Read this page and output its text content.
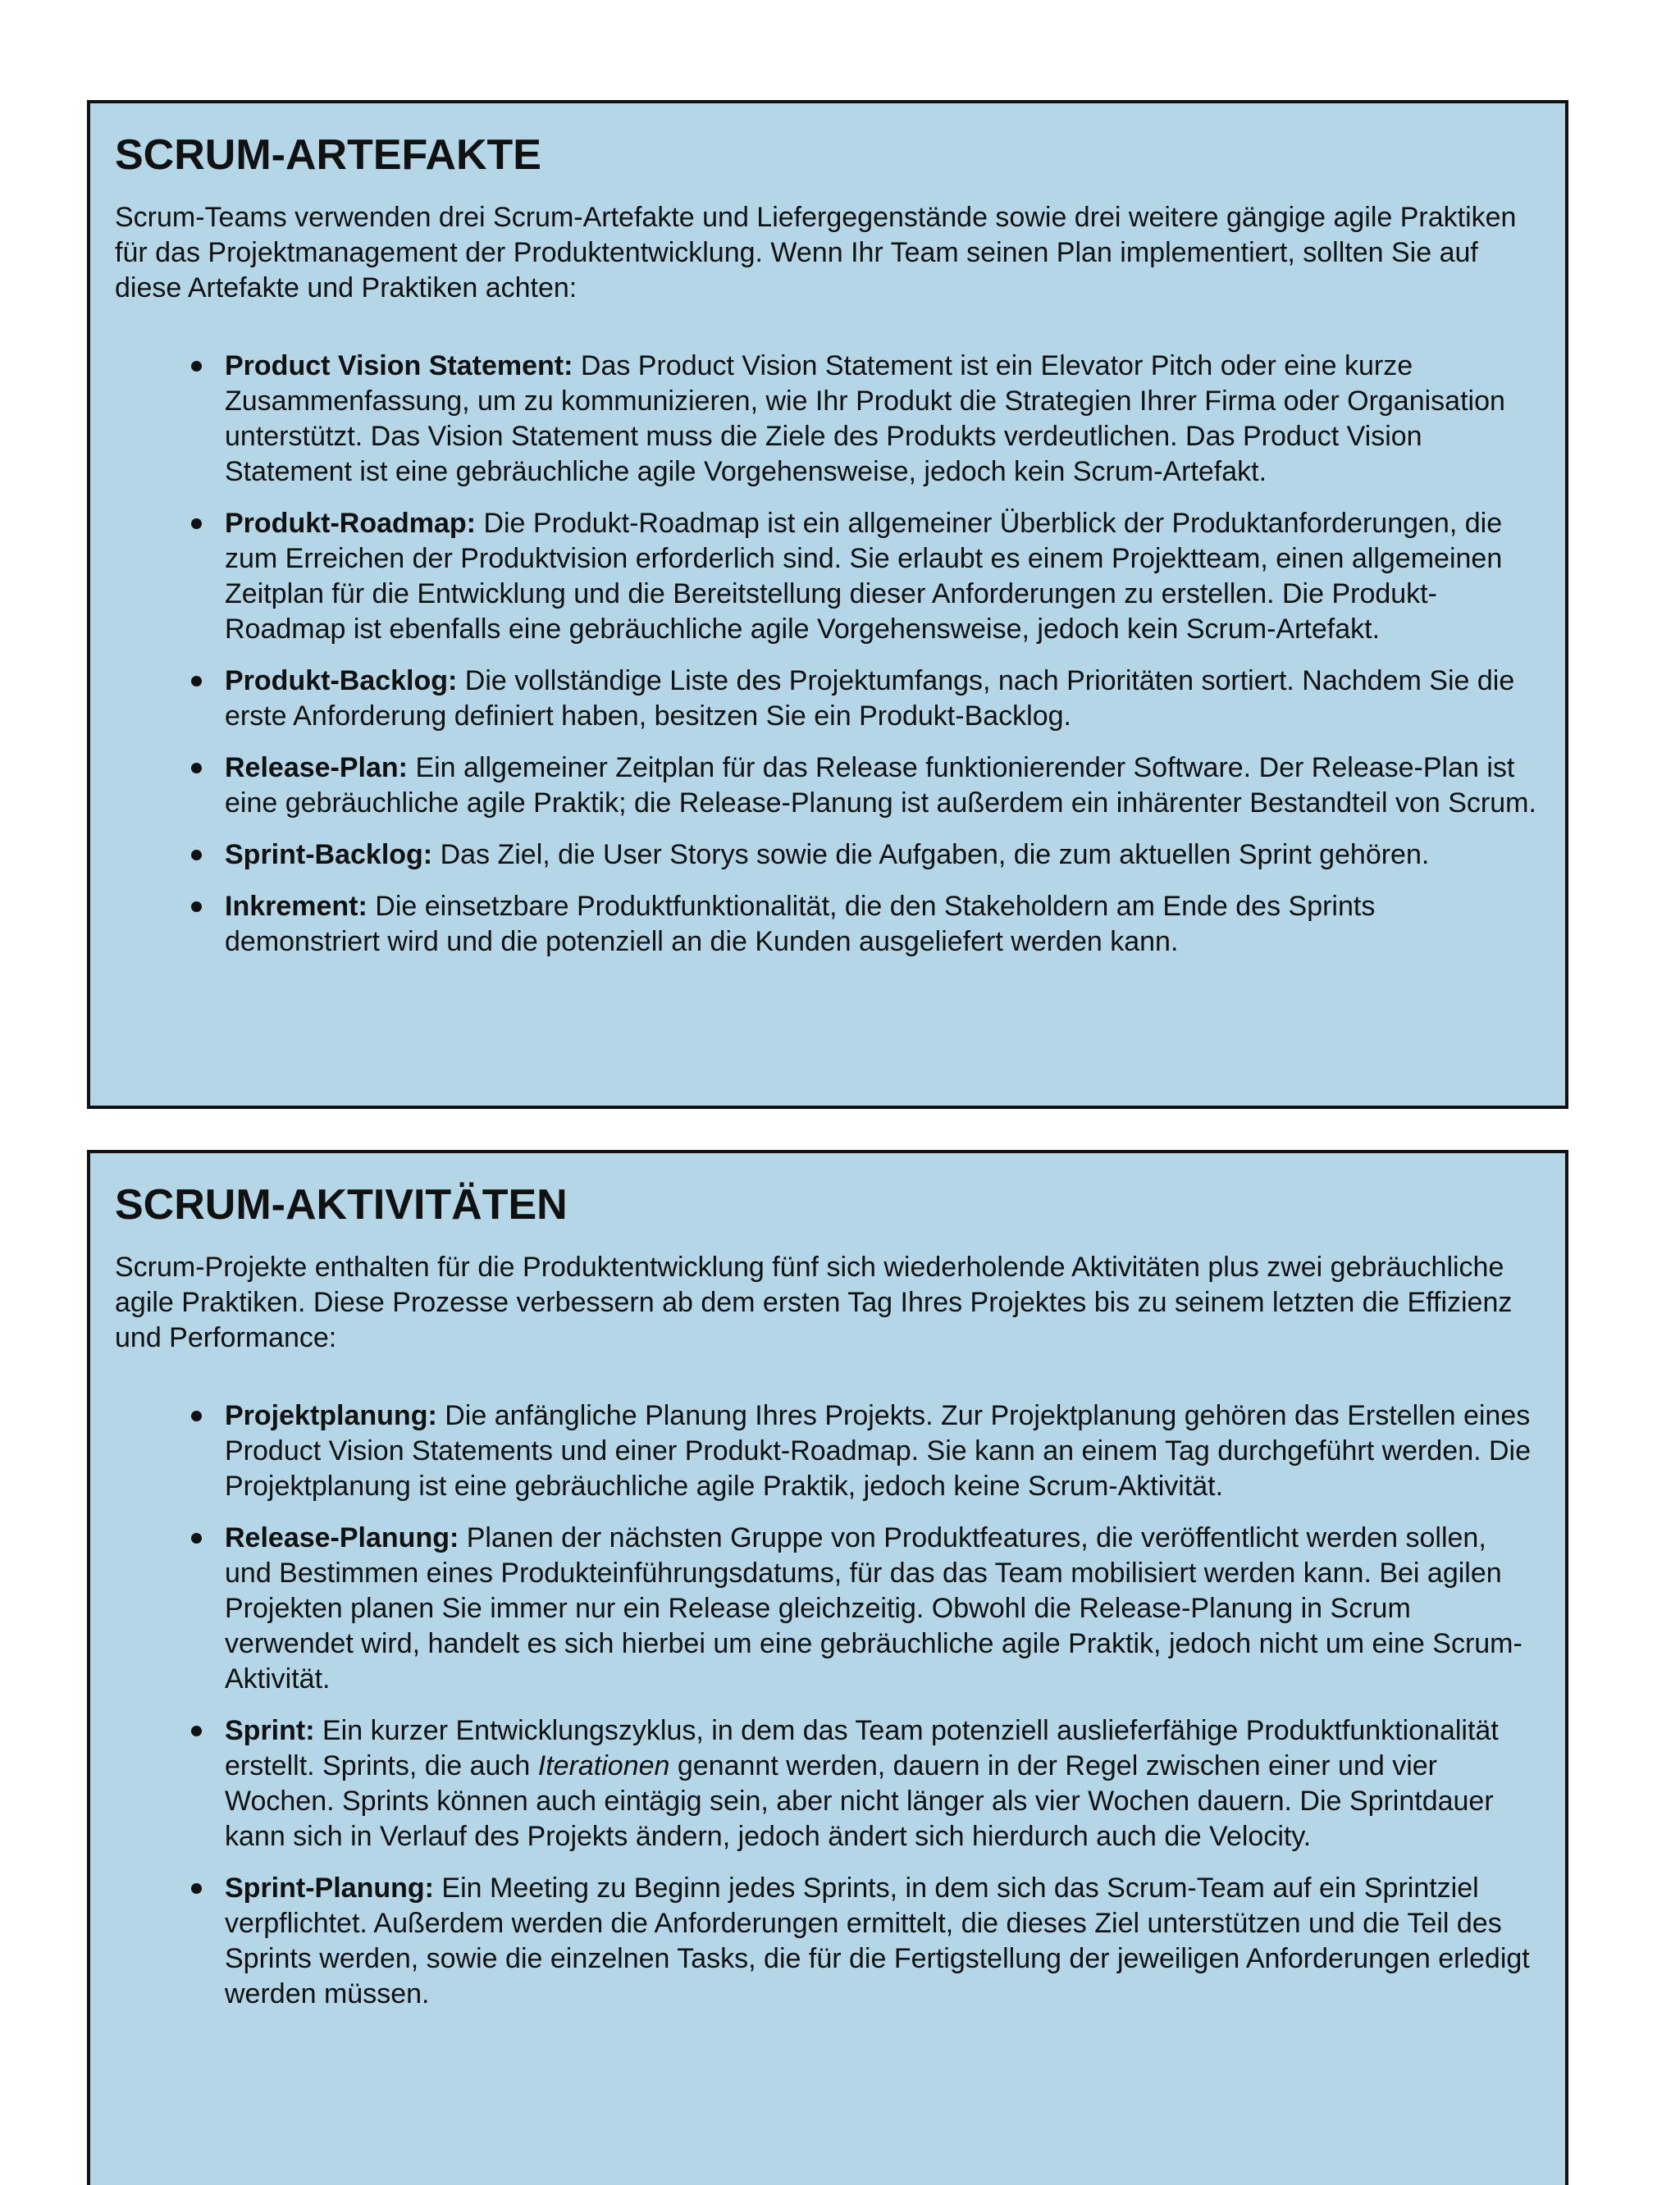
SCRUM-ARTEFAKTE

Scrum-Teams verwenden drei Scrum-Artefakte und Liefergegenstände sowie drei weitere gängige agile Praktiken für das Projektmanagement der Produktentwicklung. Wenn Ihr Team seinen Plan implementiert, sollten Sie auf diese Artefakte und Praktiken achten:

Product Vision Statement: Das Product Vision Statement ist ein Elevator Pitch oder eine kurze Zusammenfassung, um zu kommunizieren, wie Ihr Produkt die Strategien Ihrer Firma oder Organisation unterstützt. Das Vision Statement muss die Ziele des Produkts verdeutlichen. Das Product Vision Statement ist eine gebräuchliche agile Vorgehensweise, jedoch kein Scrum-Artefakt.
Produkt-Roadmap: Die Produkt-Roadmap ist ein allgemeiner Überblick der Produktanforderungen, die zum Erreichen der Produktvision erforderlich sind. Sie erlaubt es einem Projektteam, einen allgemeinen Zeitplan für die Entwicklung und die Bereitstellung dieser Anforderungen zu erstellen. Die Produkt-Roadmap ist ebenfalls eine gebräuchliche agile Vorgehensweise, jedoch kein Scrum-Artefakt.
Produkt-Backlog: Die vollständige Liste des Projektumfangs, nach Prioritäten sortiert. Nachdem Sie die erste Anforderung definiert haben, besitzen Sie ein Produkt-Backlog.
Release-Plan: Ein allgemeiner Zeitplan für das Release funktionierender Software. Der Release-Plan ist eine gebräuchliche agile Praktik; die Release-Planung ist außerdem ein inhärenter Bestandteil von Scrum.
Sprint-Backlog: Das Ziel, die User Storys sowie die Aufgaben, die zum aktuellen Sprint gehören.
Inkrement: Die einsetzbare Produktfunktionalität, die den Stakeholdern am Ende des Sprints demonstriert wird und die potenziell an die Kunden ausgeliefert werden kann.
SCRUM-AKTIVITÄTEN

Scrum-Projekte enthalten für die Produktentwicklung fünf sich wiederholende Aktivitäten plus zwei gebräuchliche agile Praktiken. Diese Prozesse verbessern ab dem ersten Tag Ihres Projektes bis zu seinem letzten die Effizienz und Performance:

Projektplanung: Die anfängliche Planung Ihres Projekts. Zur Projektplanung gehören das Erstellen eines Product Vision Statements und einer Produkt-Roadmap. Sie kann an einem Tag durchgeführt werden. Die Projektplanung ist eine gebräuchliche agile Praktik, jedoch keine Scrum-Aktivität.
Release-Planung: Planen der nächsten Gruppe von Produktfeatures, die veröffentlicht werden sollen, und Bestimmen eines Produkteinführungsdatums, für das das Team mobilisiert werden kann. Bei agilen Projekten planen Sie immer nur ein Release gleichzeitig. Obwohl die Release-Planung in Scrum verwendet wird, handelt es sich hierbei um eine gebräuchliche agile Praktik, jedoch nicht um eine Scrum-Aktivität.
Sprint: Ein kurzer Entwicklungszyklus, in dem das Team potenziell auslieferfähige Produktfunktionalität erstellt. Sprints, die auch Iterationen genannt werden, dauern in der Regel zwischen einer und vier Wochen. Sprints können auch eintägig sein, aber nicht länger als vier Wochen dauern. Die Sprintdauer kann sich in Verlauf des Projekts ändern, jedoch ändert sich hierdurch auch die Velocity.
Sprint-Planung: Ein Meeting zu Beginn jedes Sprints, in dem sich das Scrum-Team auf ein Sprintziel verpflichtet. Außerdem werden die Anforderungen ermittelt, die dieses Ziel unterstützen und die Teil des Sprints werden, sowie die einzelnen Tasks, die für die Fertigstellung der jeweiligen Anforderungen erledigt werden müssen.
